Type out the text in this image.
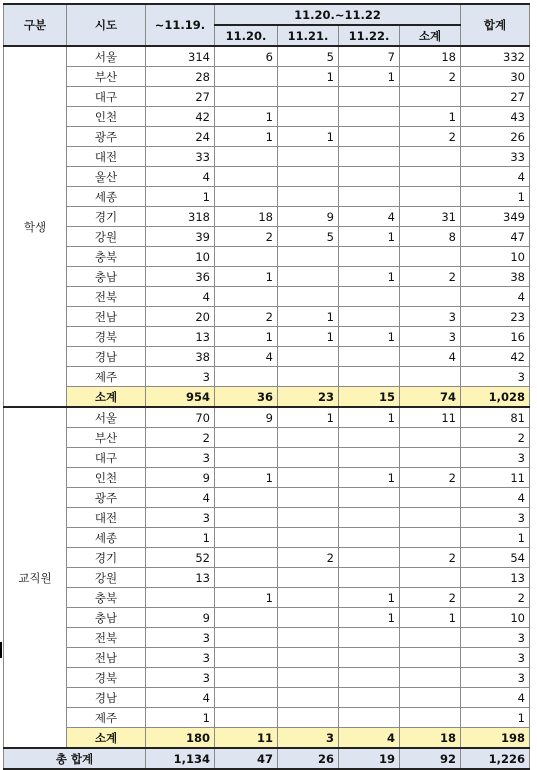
구분	시도	~11.19.	11.20.~11.22				합계
			11.20.	11.21.	11.22.	소계	
학생	서울	314	6	5	7	18	332
	부산	28		1	1	2	30
	대구	27					27
	인천	42	1			1	43
	광주	24	1	1		2	26
	대전	33					33
	울산	4					4
	세종	1					1
	경기	318	18	9	4	31	349
	강원	39	2	5	1	8	47
	충북	10					10
	충남	36	1		1	2	38
	전북	4					4
	전남	20	2	1		3	23
	경북	13	1	1	1	3	16
	경남	38	4			4	42
	제주	3					3
	소계	954	36	23	15	74	1,028
교직원	서울	70	9	1	1	11	81
	부산	2					2
	대구	3					3
	인천	9	1		1	2	11
	광주	4					4
	대전	3					3
	세종	1					1
	경기	52		2		2	54
	강원	13					13
	충북		1		1	2	2
	충남	9			1	1	10
	전북	3					3
	전남	3					3
	경북	3					3
	경남	4					4
	제주	1					1
	소계	180	11	3	4	18	198
총 합계		1,134	47	26	19	92	1,226
